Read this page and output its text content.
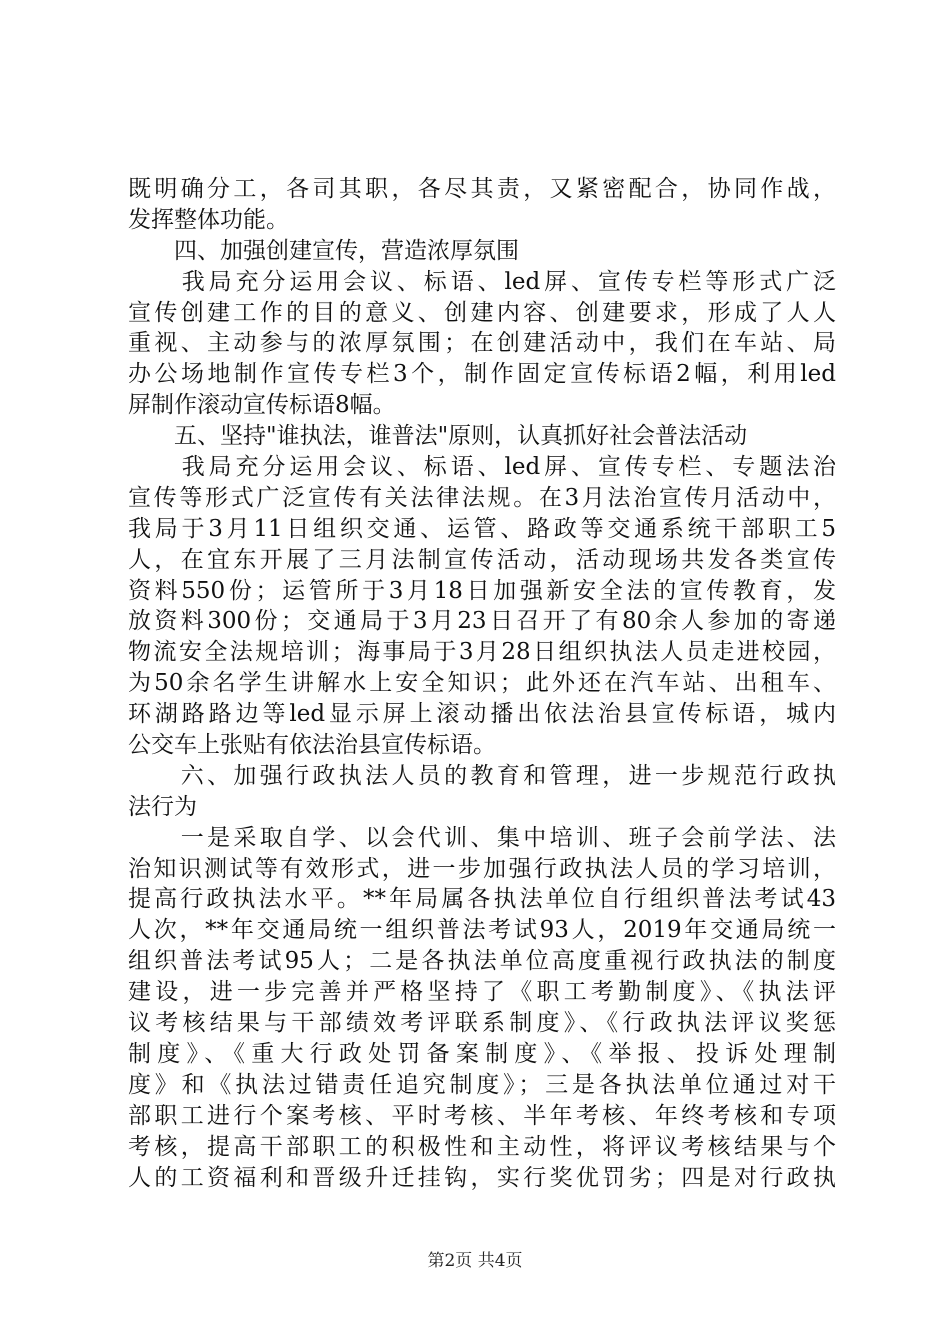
既明确分工，各司其职，各尽其责，又紧密配合，协同作战，
发挥整体功能。
　　四、加强创建宣传，营造浓厚氛围
　　我局充分运用会议、标语、led屏、宣传专栏等形式广泛
宣传创建工作的目的意义、创建内容、创建要求，形成了人人
重视、主动参与的浓厚氛围；在创建活动中，我们在车站、局
办公场地制作宣传专栏3个，制作固定宣传标语2幅，利用led
屏制作滚动宣传标语8幅。
　　五、坚持"谁执法，谁普法"原则，认真抓好社会普法活动
　　我局充分运用会议、标语、led屏、宣传专栏、专题法治
宣传等形式广泛宣传有关法律法规。在3月法治宣传月活动中，
我局于3月11日组织交通、运管、路政等交通系统干部职工5
人，在宜东开展了三月法制宣传活动，活动现场共发各类宣传
资料550份；运管所于3月18日加强新安全法的宣传教育，发
放资料300份；交通局于3月23日召开了有80余人参加的寄递
物流安全法规培训；海事局于3月28日组织执法人员走进校园，
为50余名学生讲解水上安全知识；此外还在汽车站、出租车、
环湖路路边等led显示屏上滚动播出依法治县宣传标语，城内
公交车上张贴有依法治县宣传标语。
　　六、加强行政执法人员的教育和管理，进一步规范行政执
法行为
　　一是采取自学、以会代训、集中培训、班子会前学法、法
治知识测试等有效形式，进一步加强行政执法人员的学习培训，
提高行政执法水平。**年局属各执法单位自行组织普法考试43
人次，**年交通局统一组织普法考试93人，2019年交通局统一
组织普法考试95人；二是各执法单位高度重视行政执法的制度
建设，进一步完善并严格坚持了《职工考勤制度》、《执法评
议考核结果与干部绩效考评联系制度》、《行政执法评议奖惩
制度》、《重大行政处罚备案制度》、《举报、投诉处理制
度》和《执法过错责任追究制度》；三是各执法单位通过对干
部职工进行个案考核、平时考核、半年考核、年终考核和专项
考核，提高干部职工的积极性和主动性，将评议考核结果与个
人的工资福利和晋级升迁挂钩，实行奖优罚劣；四是对行政执
第2页 共4页
